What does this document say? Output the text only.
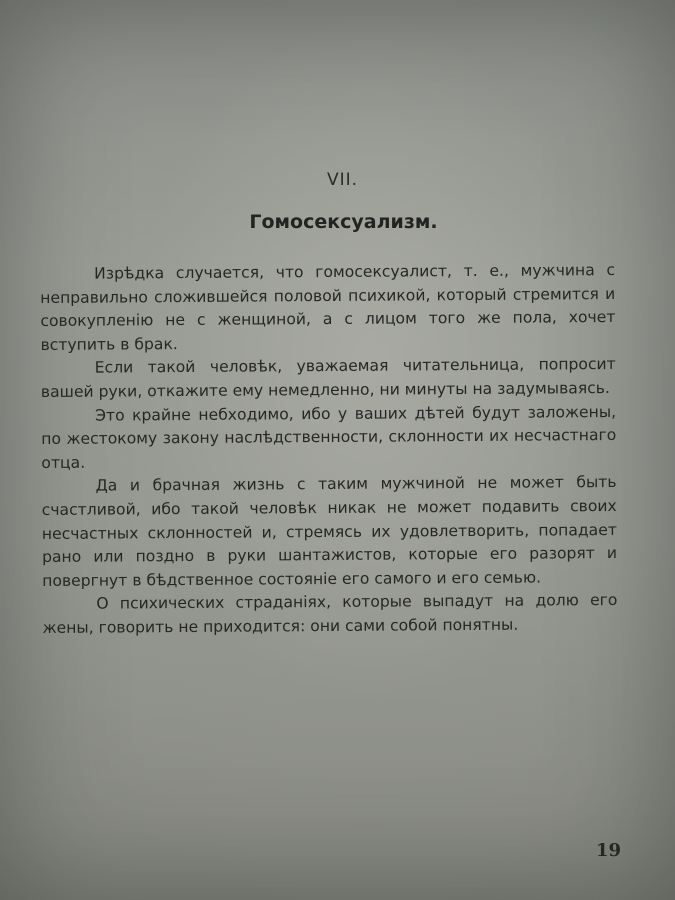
VII.
Гомосексуализм.

Изрѣдка случается, что гомосексуалист, т. е., мужчина с неправильно сложившейся половой психикой, который стремится и совокупленію не с женщиной, а с лицом того же пола, хочет вступить в брак.

Если такой человѣк, уважаемая читательница, попросит вашей руки, откажите ему немедленно, ни минуты на задумываясь.

Это крайне небходимо, ибо у ваших дѣтей будут заложены, по жестокому закону наслѣдственности, склонности их несчастнаго отца.

Да и брачная жизнь с таким мужчиной не может быть счастливой, ибо такой человѣк никак не может подавить своих несчастных склонностей и, стремясь их удовлетворить, попадает рано или поздно в руки шантажистов, которые его разорят и повергнут в бѣдственное состояніе его самого и его семью.

О психических страданіях, которые выпадут на долю его жены, говорить не приходится: они сами собой понятны.

19
